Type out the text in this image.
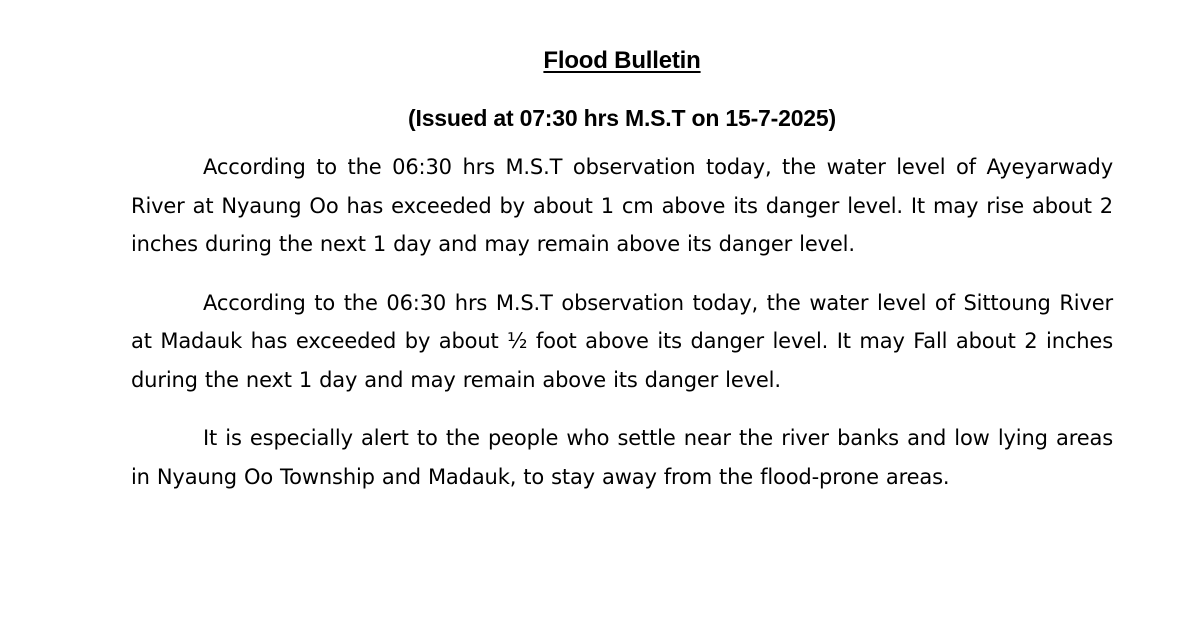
Flood Bulletin
(Issued at 07:30 hrs M.S.T on 15-7-2025)

According to the 06:30 hrs M.S.T observation today, the water level of Ayeyarwady River at Nyaung Oo has exceeded by about 1 cm above its danger level. It may rise about 2 inches during the next 1 day and may remain above its danger level.

According to the 06:30 hrs M.S.T observation today, the water level of Sittoung River at Madauk has exceeded by about ½ foot above its danger level. It may Fall about 2 inches during the next 1 day and may remain above its danger level.

It is especially alert to the people who settle near the river banks and low lying areas in Nyaung Oo Township and Madauk, to stay away from the flood-prone areas.
